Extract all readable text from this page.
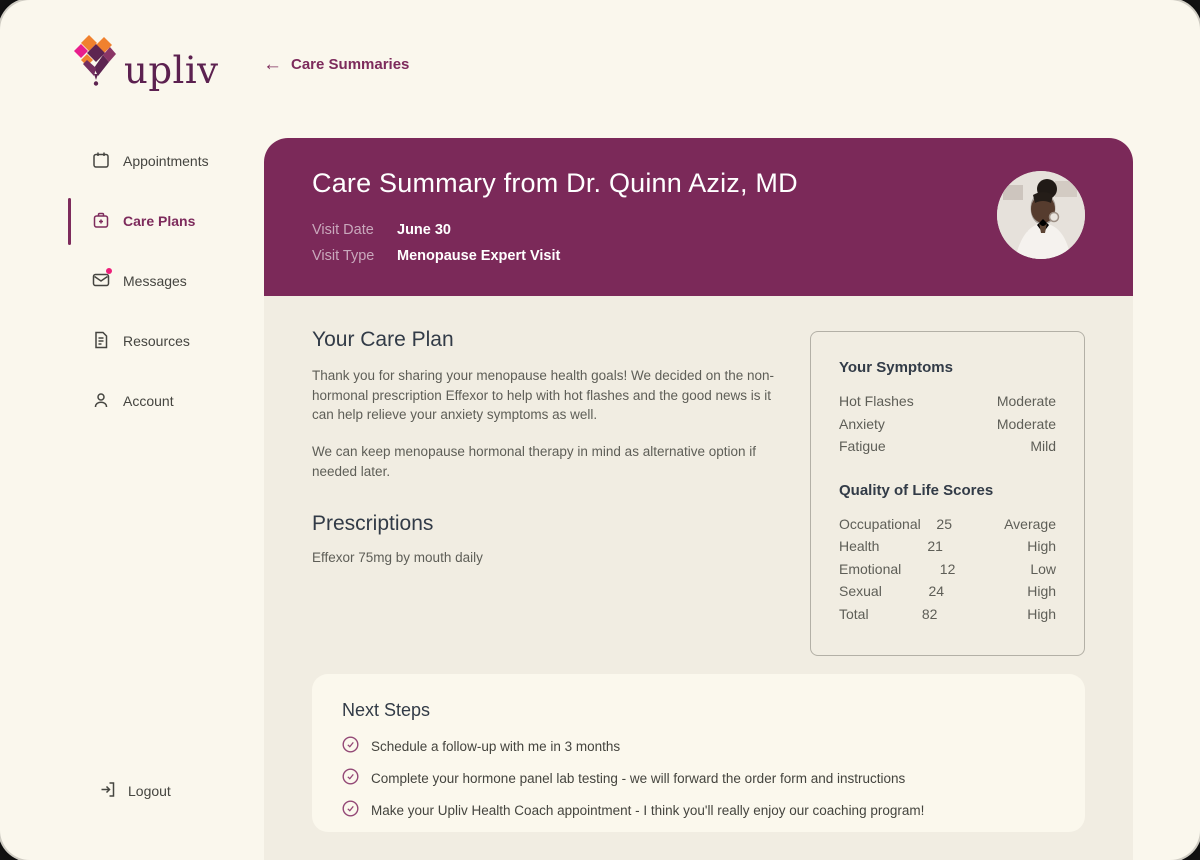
upliv ← Care Summaries
Appointments
Care Plans
Messages
Resources
Account
Logout
Care Summary from Dr. Quinn Aziz, MD
Visit Date	June 30
Visit Type	Menopause Expert Visit
Your Care Plan

Thank you for sharing your menopause health goals! We decided on the non-hormonal prescription Effexor to help with hot flashes and the good news is it can help relieve your anxiety symptoms as well.

We can keep menopause hormonal therapy in mind as alternative option if needed later.

Prescriptions
Effexor 75mg by mouth daily
Your Symptoms
Hot Flashes	Moderate
Anxiety	Moderate
Fatigue	Mild
Quality of Life Scores
Occupational	25	Average
Health	21	High
Emotional	12	Low
Sexual	24	High
Total	82	High
Next Steps
Schedule a follow-up with me in 3 months
Complete your hormone panel lab testing - we will forward the order form and instructions
Make your Upliv Health Coach appointment - I think you'll really enjoy our coaching program!
